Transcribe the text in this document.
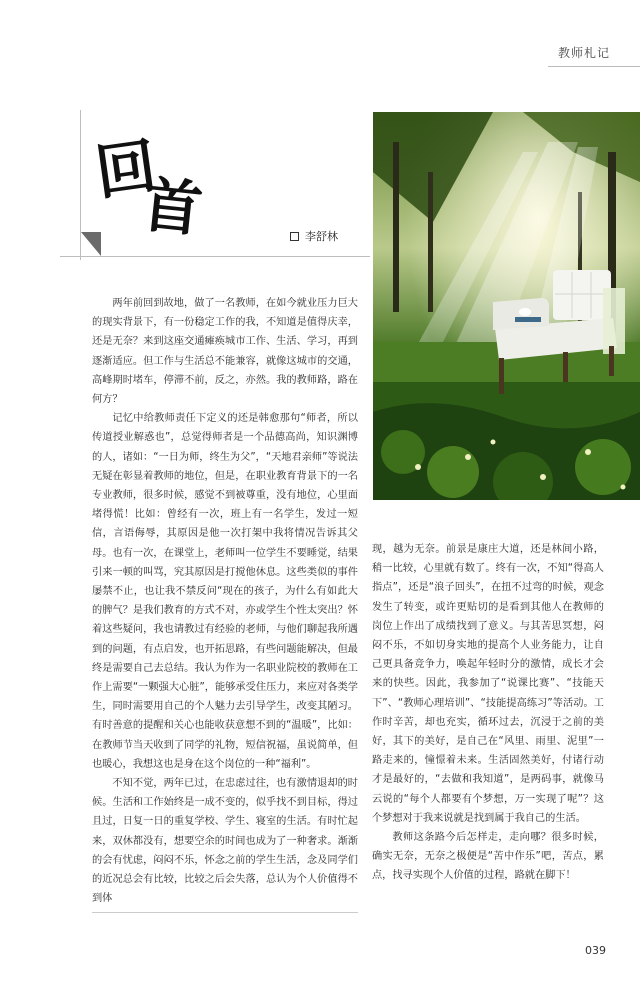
教师札记
回
首	李舒林

两年前回到故地，做了一名教师，在如今就业压力巨大的现实背景下，有一份稳定工作的我，不知道是值得庆幸，还是无奈？来到这座交通瘫痪城市工作、生活、学习，再到逐渐适应。但工作与生活总不能兼容，就像这城市的交通，高峰期时堵车，停滞不前，反之，亦然。我的教师路，路在何方？

记忆中给教师责任下定义的还是韩愈那句“师者，所以传道授业解惑也”，总觉得师者是一个品德高尚，知识渊博的人，诸如：“一日为师，终生为父”，“天地君亲师”等说法无疑在彰显着教师的地位，但是，在职业教育背景下的一名专业教师，很多时候，感觉不到被尊重，没有地位，心里面堵得慌！比如：曾经有一次，班上有一名学生，发过一短信，言语侮辱，其原因是他一次打架中我将情况告诉其父母。也有一次，在课堂上，老师叫一位学生不要睡觉，结果引来一顿的叫骂，究其原因是打搅他休息。这些类似的事件屡禁不止，也让我不禁反问“现在的孩子，为什么有如此大的脾气？是我们教育的方式不对，亦或学生个性太突出？怀着这些疑问，我也请教过有经验的老师，与他们聊起我所遇到的问题，有点启发，也开拓思路，有些问题能解决，但最终是需要自己去总结。我认为作为一名职业院校的教师在工作上需要“一颗强大心脏”，能够承受住压力，来应对各类学生，同时需要用自己的个人魅力去引导学生，改变其陋习。有时善意的提醒和关心也能收获意想不到的“温暖”，比如：在教师节当天收到了同学的礼物，短信祝福，虽说简单，但也暖心，我想这也是身在这个岗位的一种“福利”。

不知不觉，两年已过，在忠虑过往，也有激情退却的时候。生活和工作始终是一成不变的，似乎找不到目标，得过且过，日复一日的重复学校、学生、寝室的生活。有时忙起来，双休都没有，想要空余的时间也成为了一种奢求。渐渐的会有忧虑，闷闷不乐，怀念之前的学生生活，念及同学们的近况总会有比较，比较之后会失落，总认为个人价值得不到体

现，越为无奈。前景是康庄大道，还是林间小路，稍一比较，心里就有数了。终有一次，不知“得高人指点”，还是“浪子回头”，在扭不过弯的时候，观念发生了转变，或许更贴切的是看到其他人在教师的岗位上作出了成绩找到了意义。与其苦思冥想，闷闷不乐，不如切身实地的提高个人业务能力，让自己更具备竞争力，唤起年轻时分的激情，成长才会来的快些。因此，我参加了“说课比赛”、“技能天下”、“教师心理培训”、“技能提高练习”等活动。工作时辛苦，却也充实，循环过去，沉浸于之前的美好，其下的美好，是自己在“风里、雨里、泥里”一路走来的，憧憬着未来。生活固然美好，付诸行动才是最好的，“去做和我知道”，是两码事，就像马云说的“每个人都要有个梦想，万一实现了呢”？这个梦想对于我来说就是找到属于我自己的生活。

教师这条路今后怎样走，走向哪？很多时候，确实无奈，无奈之极便是“苦中作乐”吧，苦点，累点，找寻实现个人价值的过程，路就在脚下！

039
